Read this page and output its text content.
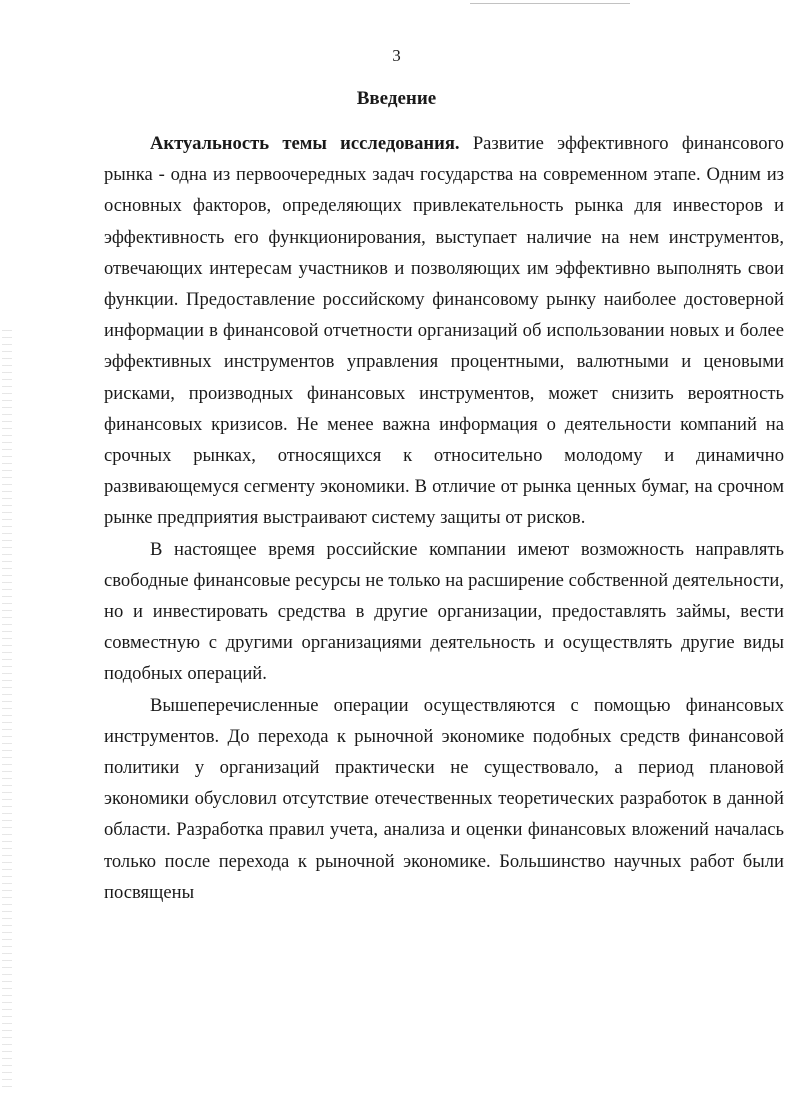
3
Введение

Актуальность темы исследования. Развитие эффективного финансового рынка - одна из первоочередных задач государства на современном этапе. Одним из основных факторов, определяющих привлекательность рынка для инвесторов и эффективность его функционирования, выступает наличие на нем инструментов, отвечающих интересам участников и позволяющих им эффективно выполнять свои функции. Предоставление российскому финансовому рынку наиболее достоверной информации в финансовой отчетности организаций об использовании новых и более эффективных инструментов управления процентными, валютными и ценовыми рисками, производных финансовых инструментов, может снизить вероятность финансовых кризисов. Не менее важна информация о деятельности компаний на срочных рынках, относящихся к относительно молодому и динамично развивающемуся сегменту экономики. В отличие от рынка ценных бумаг, на срочном рынке предприятия выстраивают систему защиты от рисков.

В настоящее время российские компании имеют возможность направлять свободные финансовые ресурсы не только на расширение собственной деятельности, но и инвестировать средства в другие организации, предоставлять займы, вести совместную с другими организациями деятельность и осуществлять другие виды подобных операций.

Вышеперечисленные операции осуществляются с помощью финансовых инструментов. До перехода к рыночной экономике подобных средств финансовой политики у организаций практически не существовало, а период плановой экономики обусловил отсутствие отечественных теоретических разработок в данной области. Разработка правил учета, анализа и оценки финансовых вложений началась только после перехода к рыночной экономике. Большинство научных работ были посвящены
